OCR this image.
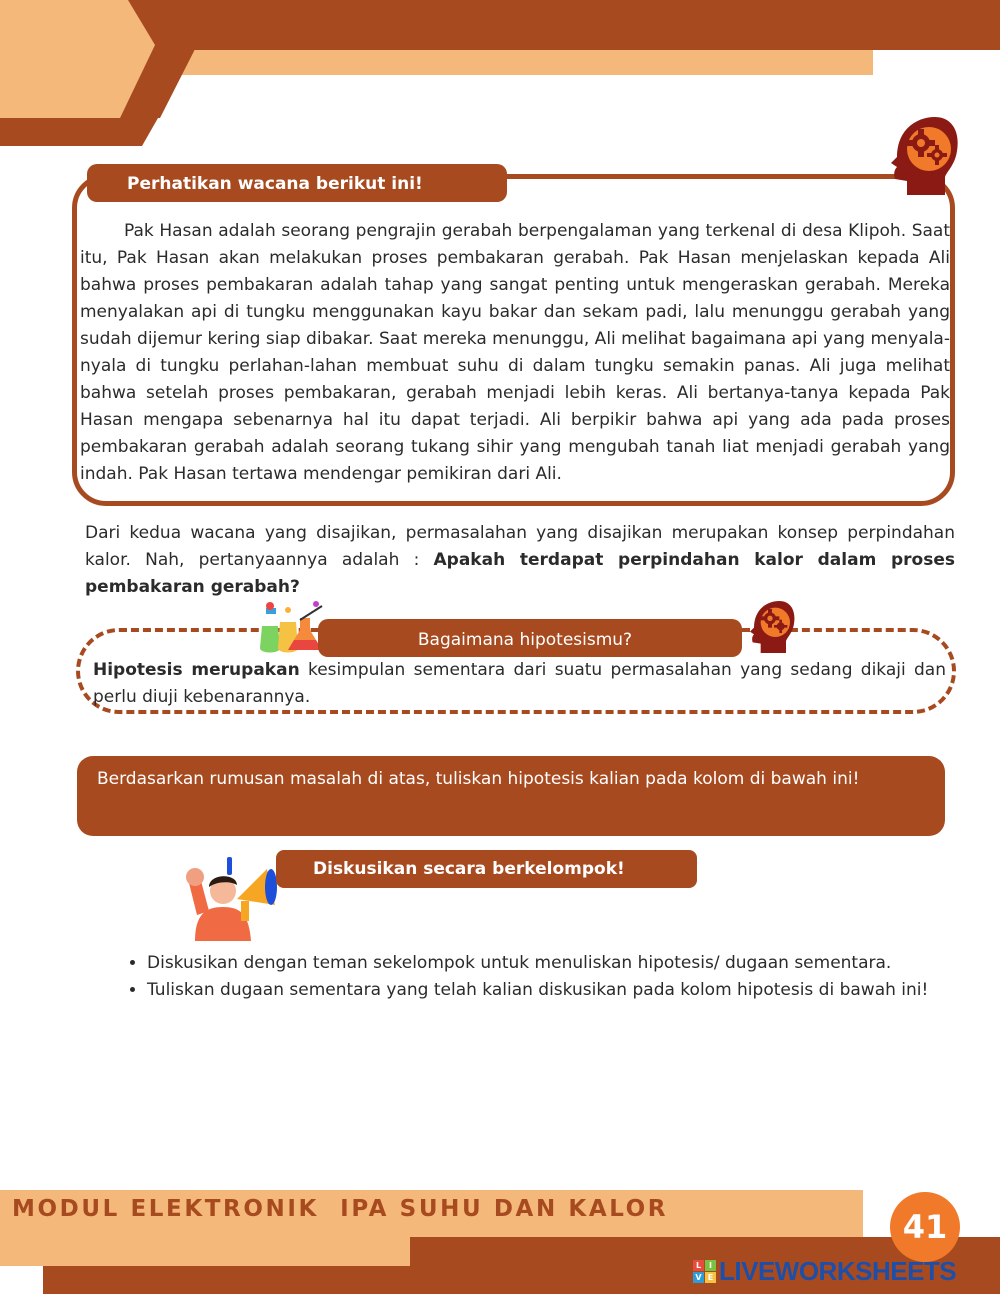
Perhatikan wacana berikut ini!

Pak Hasan adalah seorang pengrajin gerabah berpengalaman yang terkenal di desa Klipoh. Saat itu, Pak Hasan akan melakukan proses pembakaran gerabah. Pak Hasan menjelaskan kepada Ali bahwa proses pembakaran adalah tahap yang sangat penting untuk mengeraskan gerabah. Mereka menyalakan api di tungku menggunakan kayu bakar dan sekam padi, lalu menunggu gerabah yang sudah dijemur kering siap dibakar. Saat mereka menunggu, Ali melihat bagaimana api yang menyala-nyala di tungku perlahan-lahan membuat suhu di dalam tungku semakin panas. Ali juga melihat bahwa setelah proses pembakaran, gerabah menjadi lebih keras. Ali bertanya-tanya kepada Pak Hasan mengapa sebenarnya hal itu dapat terjadi. Ali berpikir bahwa api yang ada pada proses pembakaran gerabah adalah seorang tukang sihir yang mengubah tanah liat menjadi gerabah yang indah. Pak Hasan tertawa mendengar pemikiran dari Ali.

Dari kedua wacana yang disajikan, permasalahan yang disajikan merupakan konsep perpindahan kalor. Nah, pertanyaannya adalah : Apakah terdapat perpindahan kalor dalam proses pembakaran gerabah?

Bagaimana hipotesismu?

Hipotesis merupakan kesimpulan sementara dari suatu permasalahan yang sedang dikaji dan perlu diuji kebenarannya.

Berdasarkan rumusan masalah di atas, tuliskan hipotesis kalian pada kolom di bawah ini!
Diskusikan secara berkelompok!
• Diskusikan dengan teman sekelompok untuk menuliskan hipotesis/ dugaan sementara.
• Tuliskan dugaan sementara yang telah kalian diskusikan pada kolom hipotesis di bawah ini!
MODUL ELEKTRONIK  IPA SUHU DAN KALOR	41
L I
V E LIVEWORKSHEETS
